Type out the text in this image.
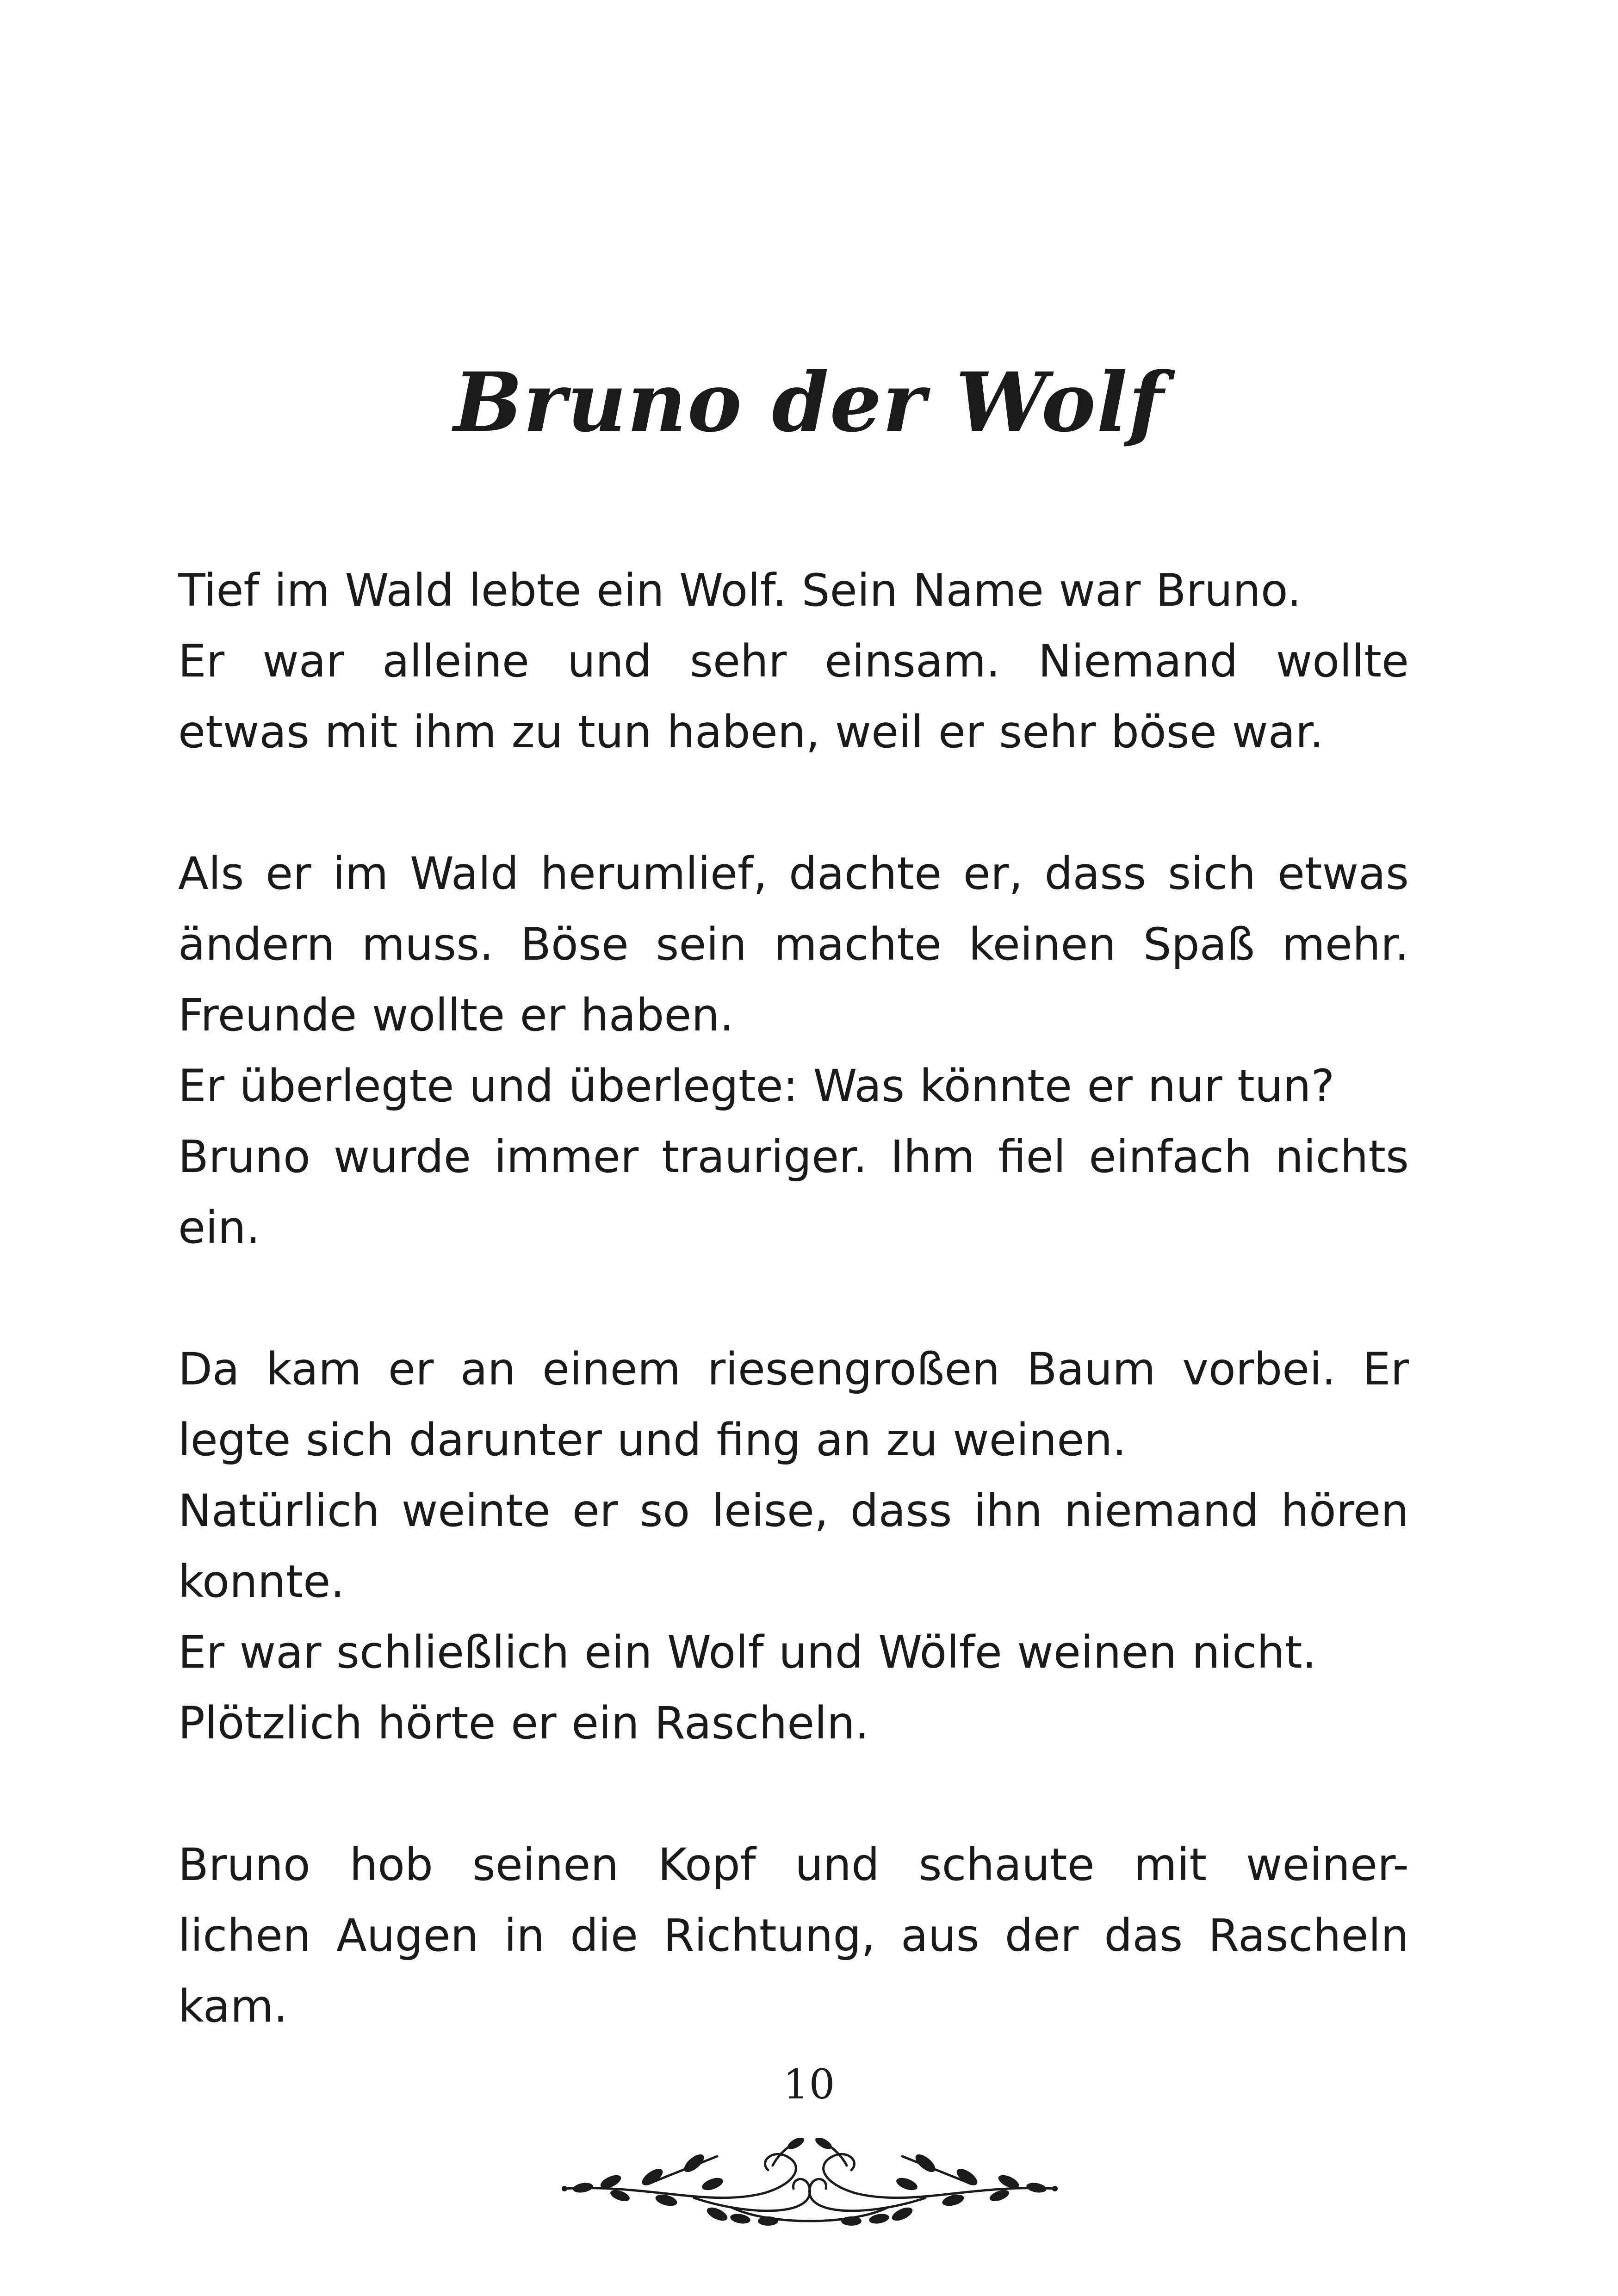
Bruno der Wolf
Tief im Wald lebte ein Wolf. Sein Name war Bruno.
Er war alleine und sehr einsam. Niemand wollte
etwas mit ihm zu tun haben, weil er sehr böse war.
Als er im Wald herumlief, dachte er, dass sich etwas
ändern muss. Böse sein machte keinen Spaß mehr.
Freunde wollte er haben.
Er überlegte und überlegte: Was könnte er nur tun?
Bruno wurde immer trauriger. Ihm fiel einfach nichts
ein.
Da kam er an einem riesengroßen Baum vorbei. Er
legte sich darunter und fing an zu weinen.
Natürlich weinte er so leise, dass ihn niemand hören
konnte.
Er war schließlich ein Wolf und Wölfe weinen nicht.
Plötzlich hörte er ein Rascheln.
Bruno hob seinen Kopf und schaute mit weiner-
lichen Augen in die Richtung, aus der das Rascheln
kam.
10
